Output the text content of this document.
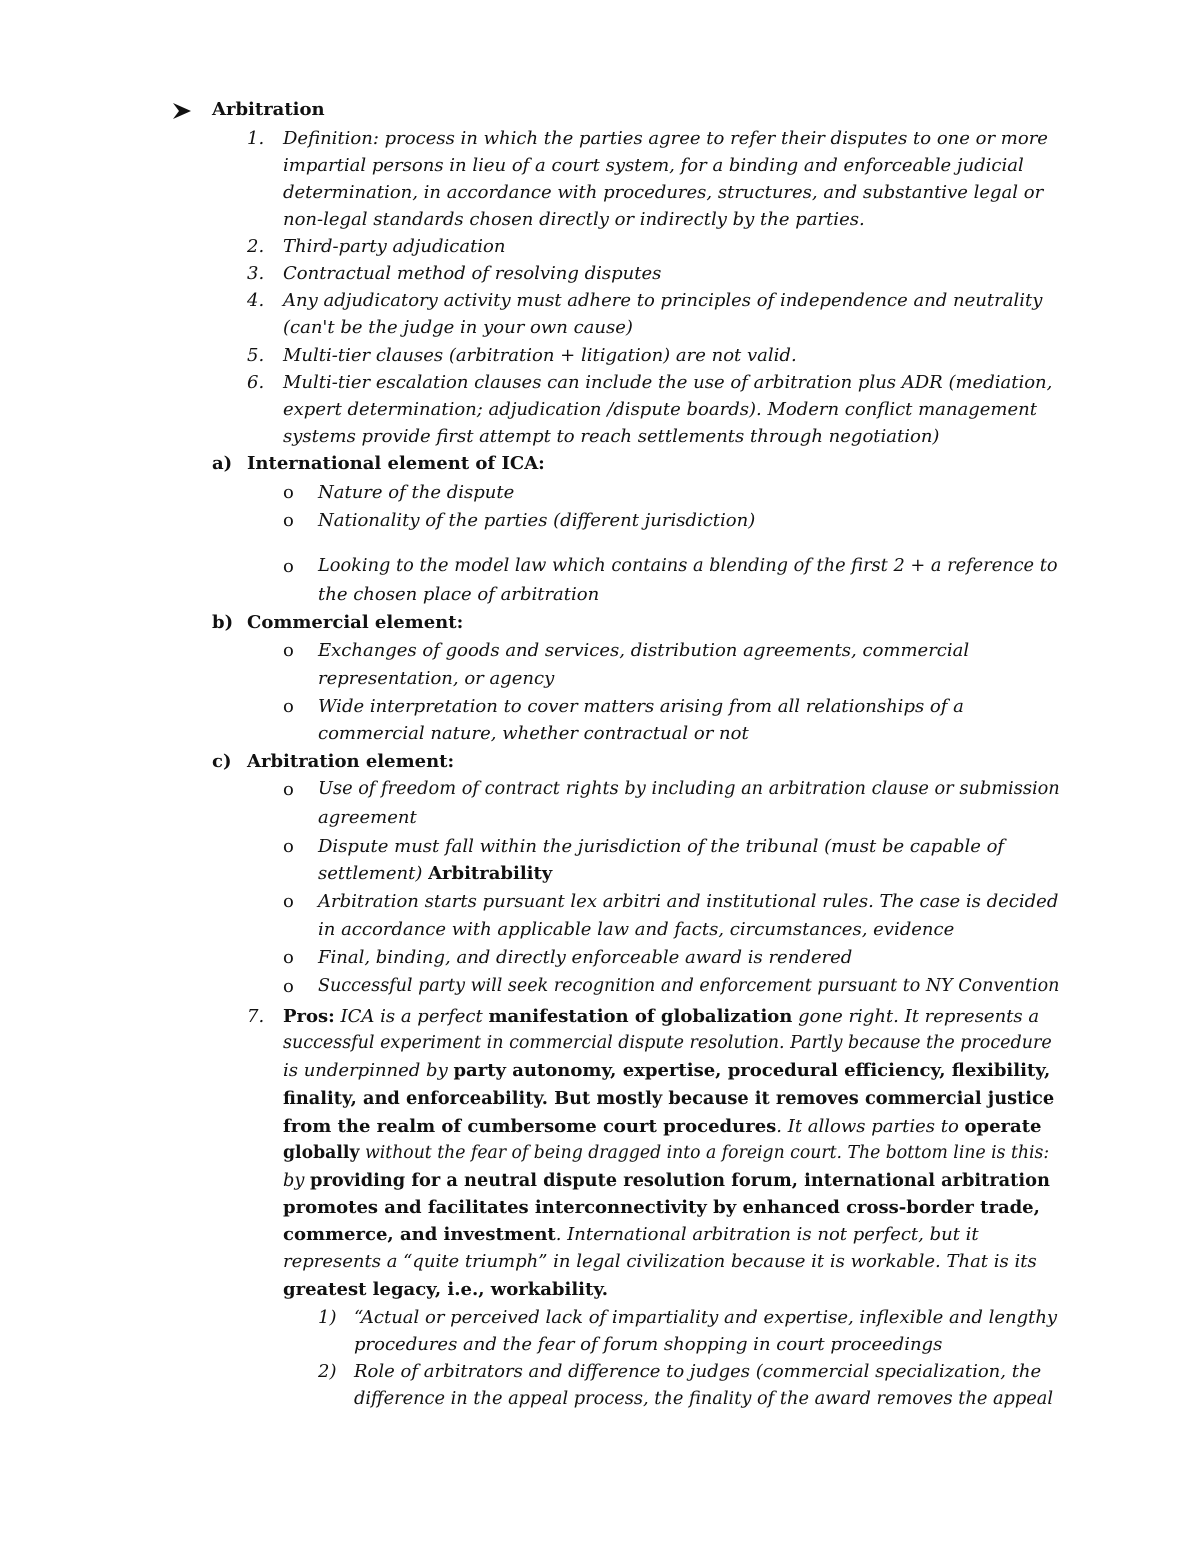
Arbitration
1. Definition: process in which the parties agree to refer their disputes to one or more
impartial persons in lieu of a court system, for a binding and enforceable judicial
determination, in accordance with procedures, structures, and substantive legal or
non-legal standards chosen directly or indirectly by the parties.
2. Third-party adjudication
3. Contractual method of resolving disputes
4. Any adjudicatory activity must adhere to principles of independence and neutrality
(can't be the judge in your own cause)
5. Multi-tier clauses (arbitration + litigation) are not valid.
6. Multi-tier escalation clauses can include the use of arbitration plus ADR (mediation,
expert determination; adjudication /dispute boards). Modern conflict management
systems provide first attempt to reach settlements through negotiation)
a) International element of ICA:
o Nature of the dispute
o Nationality of the parties (different jurisdiction)
o Looking to the model law which contains a blending of the first 2 + a reference to
the chosen place of arbitration
b) Commercial element:
o Exchanges of goods and services, distribution agreements, commercial
representation, or agency
o Wide interpretation to cover matters arising from all relationships of a
commercial nature, whether contractual or not
c) Arbitration element:
o Use of freedom of contract rights by including an arbitration clause or submission
agreement
o Dispute must fall within the jurisdiction of the tribunal (must be capable of
settlement) Arbitrability
o Arbitration starts pursuant lex arbitri and institutional rules. The case is decided
in accordance with applicable law and facts, circumstances, evidence
o Final, binding, and directly enforceable award is rendered
o Successful party will seek recognition and enforcement pursuant to NY Convention
7. Pros: ICA is a perfect manifestation of globalization gone right. It represents a
successful experiment in commercial dispute resolution. Partly because the procedure
is underpinned by party autonomy, expertise, procedural efficiency, flexibility,
finality, and enforceability. But mostly because it removes commercial justice
from the realm of cumbersome court procedures. It allows parties to operate
globally without the fear of being dragged into a foreign court. The bottom line is this:
by providing for a neutral dispute resolution forum, international arbitration
promotes and facilitates interconnectivity by enhanced cross-border trade,
commerce, and investment. International arbitration is not perfect, but it
represents a “quite triumph” in legal civilization because it is workable. That is its
greatest legacy, i.e., workability.
1) “Actual or perceived lack of impartiality and expertise, inflexible and lengthy
procedures and the fear of forum shopping in court proceedings
2) Role of arbitrators and difference to judges (commercial specialization, the
difference in the appeal process, the finality of the award removes the appeal
